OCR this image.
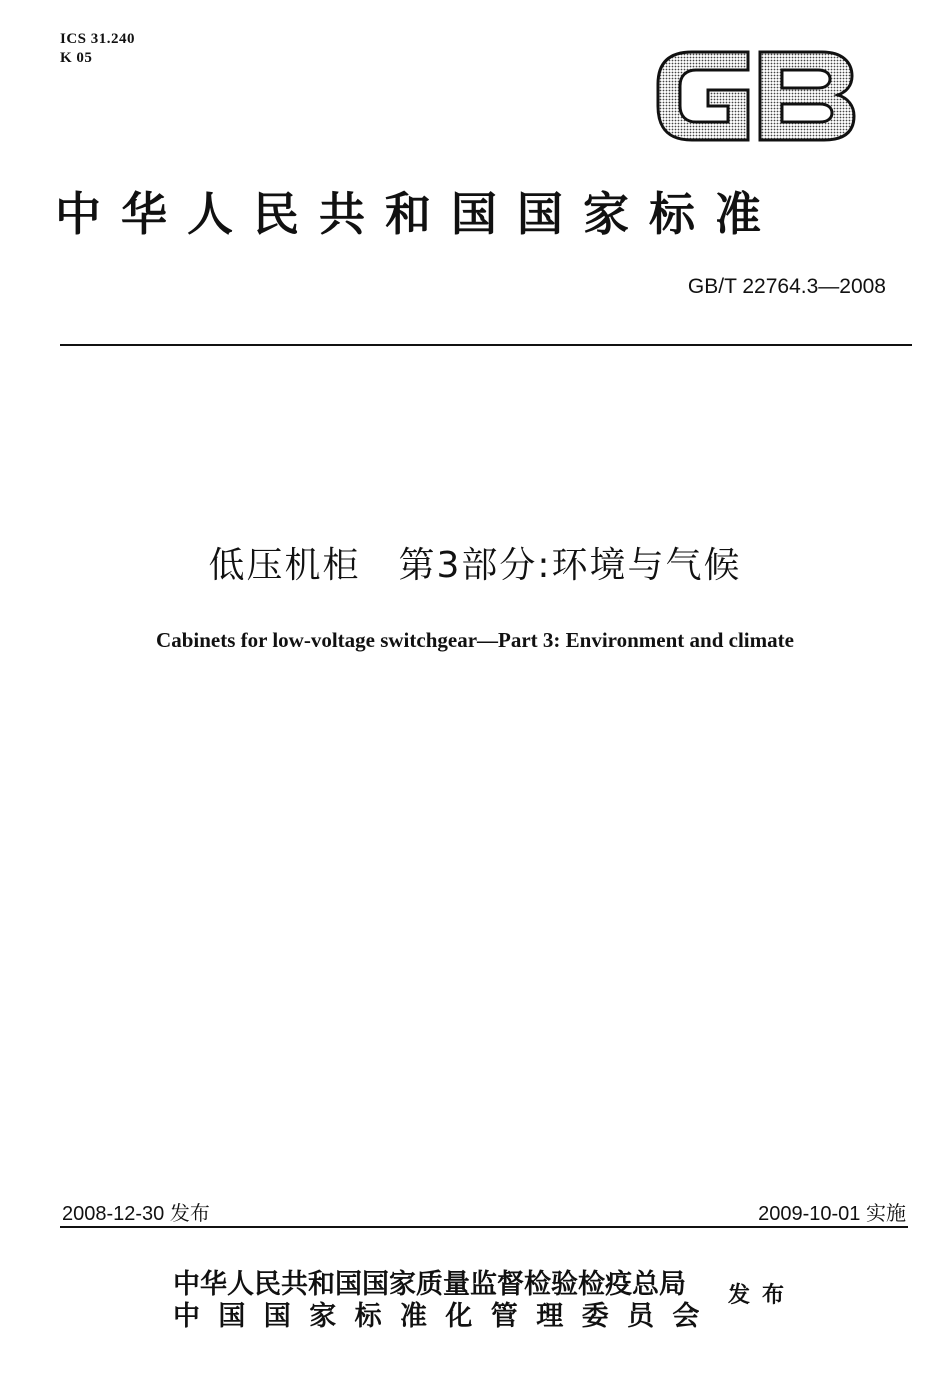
ICS 31.240
K 05
中华人民共和国国家标准
GB/T 22764.3—2008
低压机柜　第3部分:环境与气候
Cabinets for low-voltage switchgear—Part 3: Environment and climate
2008-12-30 发布	2009-10-01 实施
中华人民共和国国家质量监督检验检疫总局
中国国家标准化管理委员会
发布
